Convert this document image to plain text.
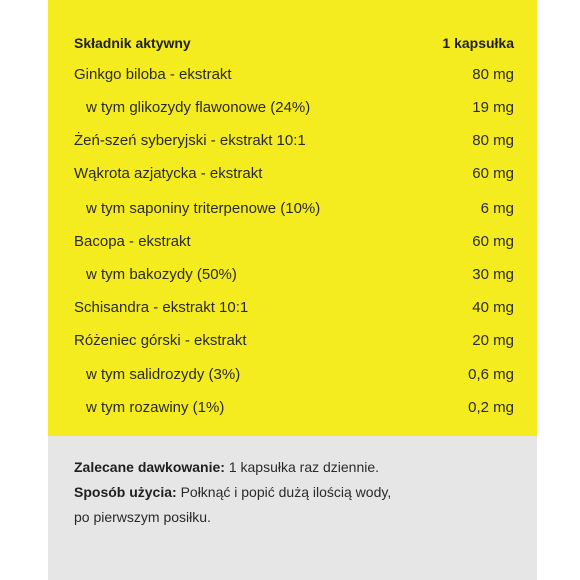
Składnik aktywny	1 kapsułka
Ginkgo biloba - ekstrakt	80 mg
w tym glikozydy flawonowe (24%)	19 mg
Żeń-szeń syberyjski - ekstrakt 10:1	80 mg
Wąkrota azjatycka - ekstrakt	60 mg
w tym saponiny triterpenowe (10%)	6 mg
Bacopa - ekstrakt	60 mg
w tym bakozydy (50%)	30 mg
Schisandra - ekstrakt 10:1	40 mg
Różeniec górski - ekstrakt	20 mg
w tym salidrozydy (3%)	0,6 mg
w tym rozawiny (1%)	0,2 mg

Zalecane dawkowanie: 1 kapsułka raz dziennie.

Sposób użycia: Połknąć i popić dużą ilością wody,

po pierwszym posiłku.
